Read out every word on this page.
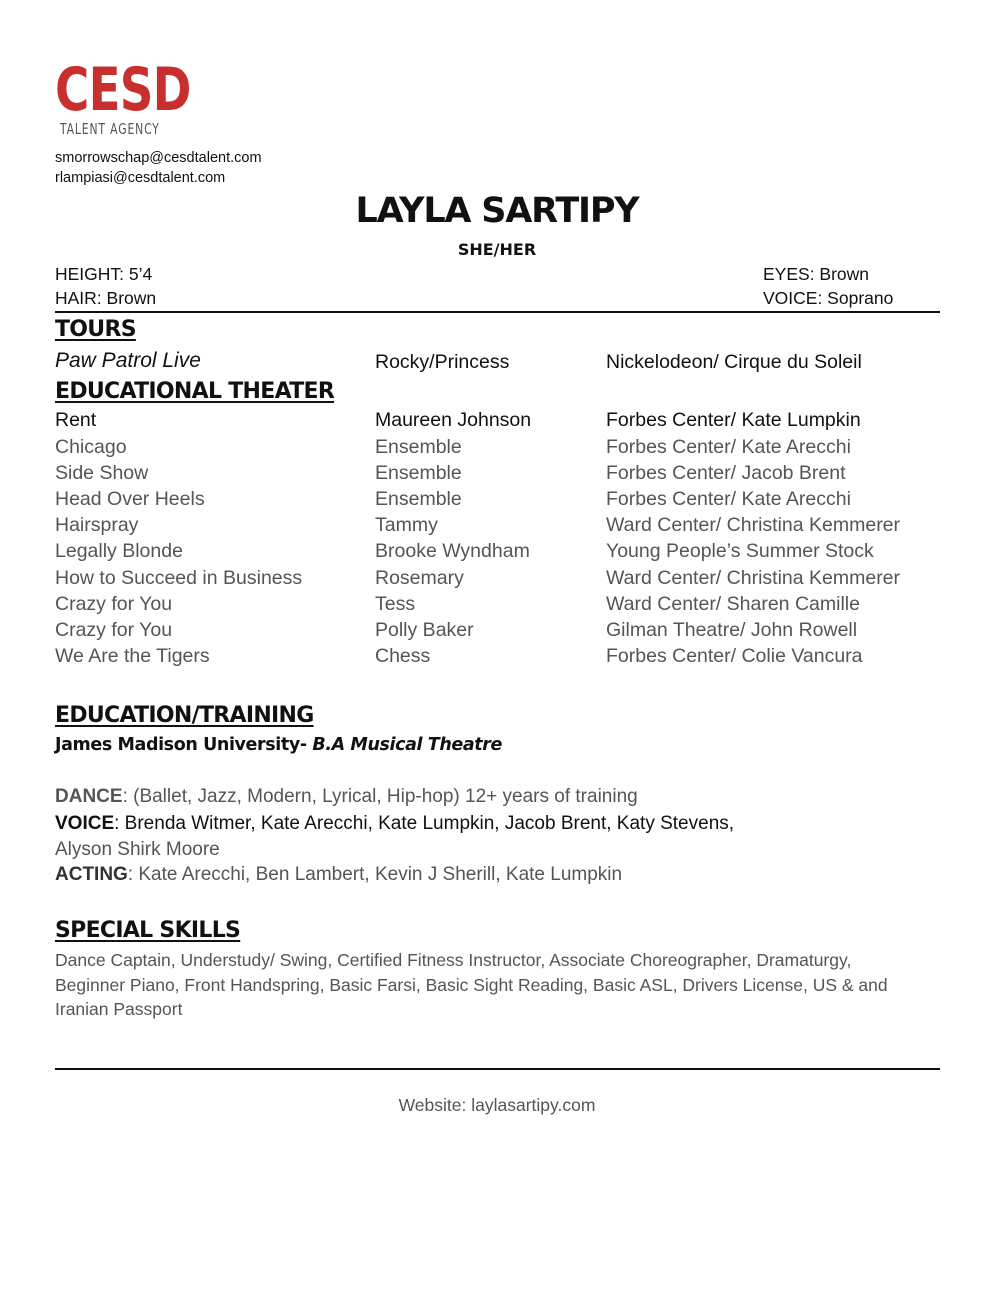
CESD
TALENT AGENCY
smorrowschap@cesdtalent.com
rlampiasi@cesdtalent.com
LAYLA SARTIPY
SHE/HER
HEIGHT: 5’4
HAIR: Brown
EYES: Brown
VOICE: Soprano
TOURS
Paw Patrol Live	Rocky/Princess	Nickelodeon/ Cirque du Soleil
EDUCATIONAL THEATER
Rent	Maureen Johnson	Forbes Center/ Kate Lumpkin
Chicago	Ensemble	Forbes Center/ Kate Arecchi
Side Show	Ensemble	Forbes Center/ Jacob Brent
Head Over Heels	Ensemble	Forbes Center/ Kate Arecchi
Hairspray	Tammy	Ward Center/ Christina Kemmerer
Legally Blonde	Brooke Wyndham	Young People’s Summer Stock
How to Succeed in Business	Rosemary	Ward Center/ Christina Kemmerer
Crazy for You	Tess	Ward Center/ Sharen Camille
Crazy for You	Polly Baker	Gilman Theatre/ John Rowell
We Are the Tigers	Chess	Forbes Center/ Colie Vancura
EDUCATION/TRAINING
James Madison University- B.A Musical Theatre
DANCE: (Ballet, Jazz, Modern, Lyrical, Hip-hop) 12+ years of training
VOICE: Brenda Witmer, Kate Arecchi, Kate Lumpkin, Jacob Brent, Katy Stevens,
Alyson Shirk Moore
ACTING: Kate Arecchi, Ben Lambert, Kevin J Sherill, Kate Lumpkin
SPECIAL SKILLS
Dance Captain, Understudy/ Swing, Certified Fitness Instructor, Associate Choreographer, Dramaturgy, Beginner Piano, Front Handspring, Basic Farsi, Basic Sight Reading, Basic ASL, Drivers License, US & and Iranian Passport
Website: laylasartipy.com
